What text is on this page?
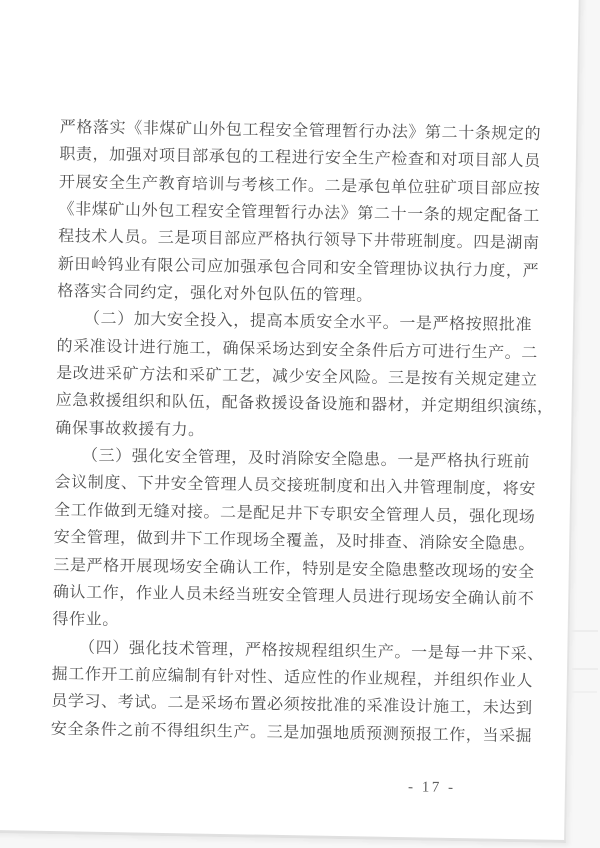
严格落实《非煤矿山外包工程安全管理暂行办法》第二十条规定的
职责，加强对项目部承包的工程进行安全生产检查和对项目部人员
开展安全生产教育培训与考核工作。二是承包单位驻矿项目部应按
《非煤矿山外包工程安全管理暂行办法》第二十一条的规定配备工
程技术人员。三是项目部应严格执行领导下井带班制度。四是湖南
新田岭钨业有限公司应加强承包合同和安全管理协议执行力度，严
格落实合同约定，强化对外包队伍的管理。
（二）加大安全投入，提高本质安全水平。一是严格按照批准
的采准设计进行施工，确保采场达到安全条件后方可进行生产。二
是改进采矿方法和采矿工艺，减少安全风险。三是按有关规定建立
应急救援组织和队伍，配备救援设备设施和器材，并定期组织演练，
确保事故救援有力。
（三）强化安全管理，及时消除安全隐患。一是严格执行班前
会议制度、下井安全管理人员交接班制度和出入井管理制度，将安
全工作做到无缝对接。二是配足井下专职安全管理人员，强化现场
安全管理，做到井下工作现场全覆盖，及时排查、消除安全隐患。
三是严格开展现场安全确认工作，特别是安全隐患整改现场的安全
确认工作，作业人员未经当班安全管理人员进行现场安全确认前不
得作业。
（四）强化技术管理，严格按规程组织生产。一是每一井下采、
掘工作开工前应编制有针对性、适应性的作业规程，并组织作业人
员学习、考试。二是采场布置必须按批准的采准设计施工，未达到
安全条件之前不得组织生产。三是加强地质预测预报工作，当采掘
- 17 -
